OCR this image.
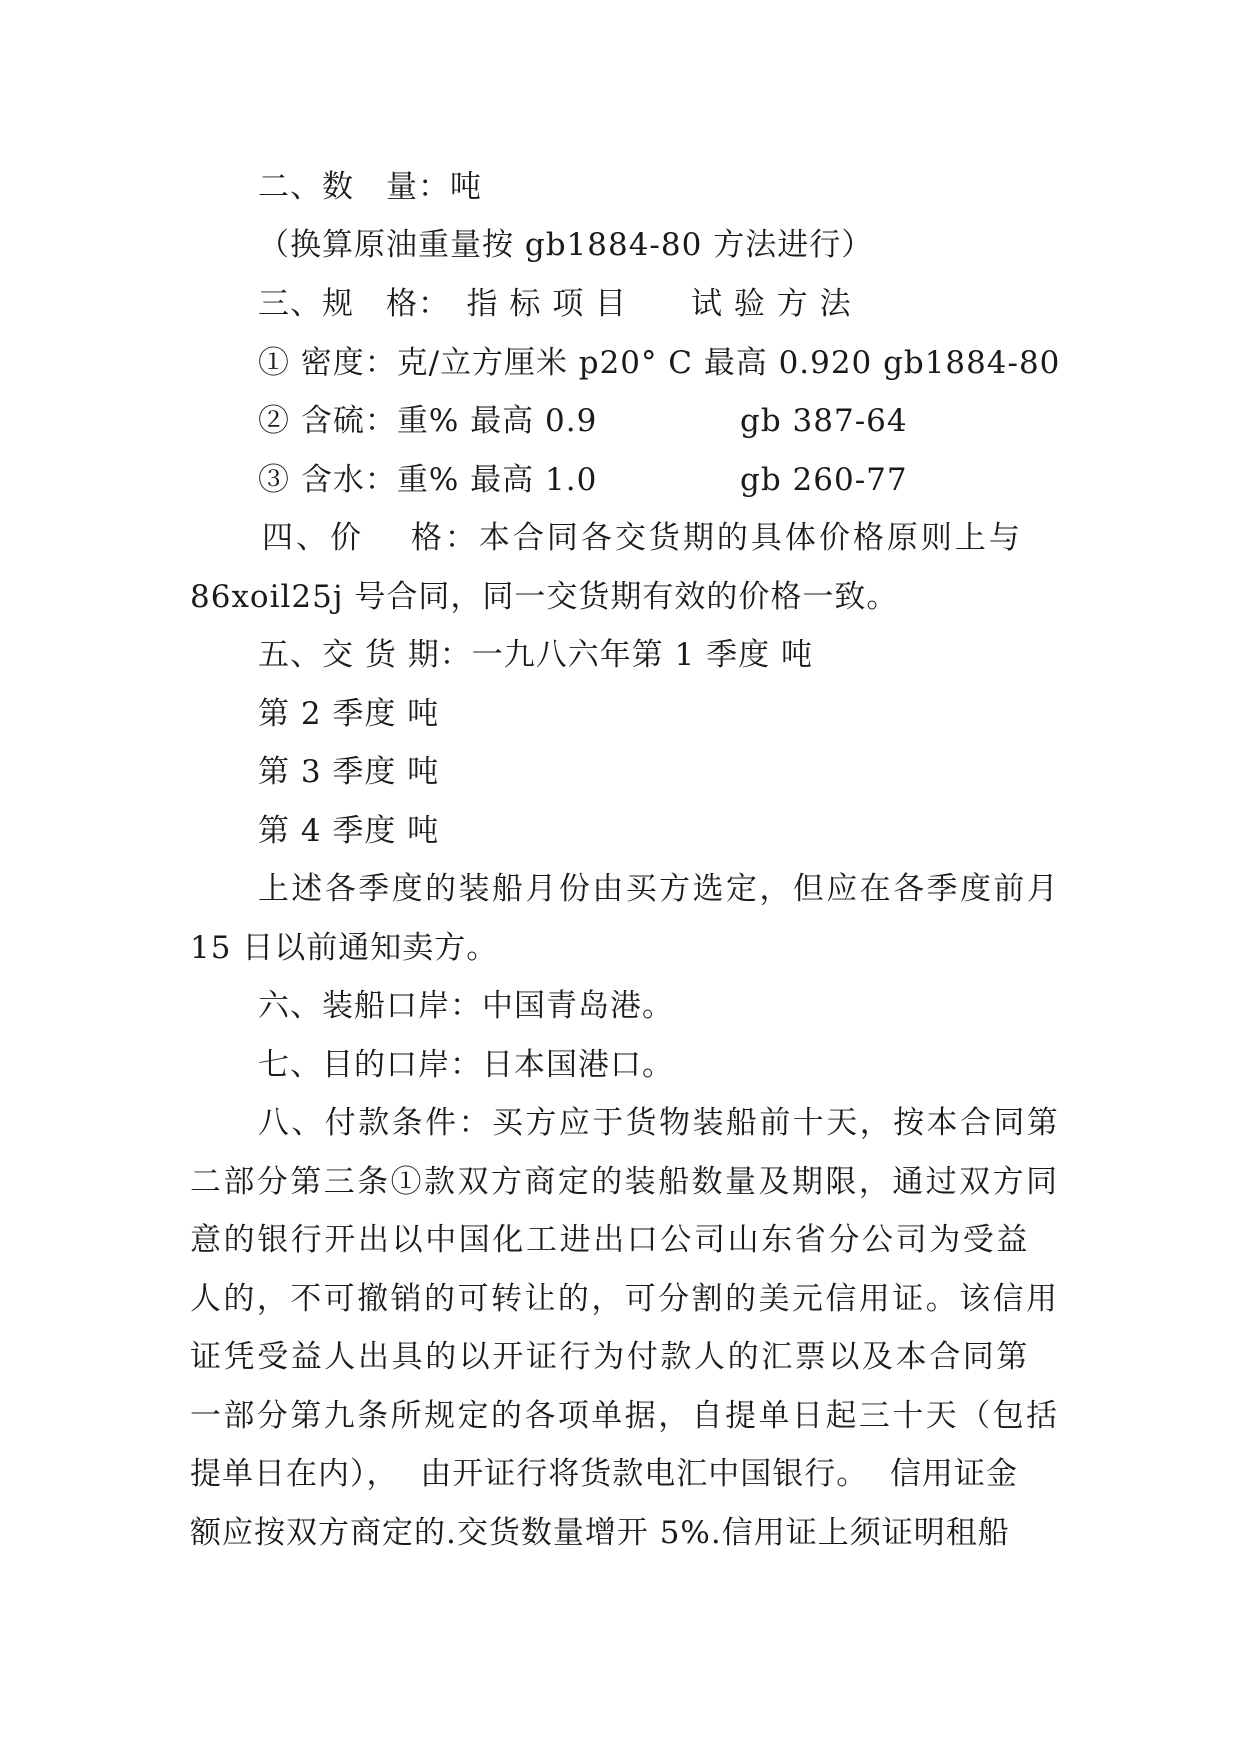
二、数　量：吨
（换算原油重量按 gb1884-80 方法进行）
三、规　格：　指 标 项 目　　试 验 方 法
① 密度：克/立方厘米 p20° C 最高 0.920 gb1884-80
② 含硫：重% 最高 0.9	gb 387-64
③ 含水：重% 最高 1.0	gb 260-77
四、价　 格：本合同各交货期的具体价格原则上与
86xoil25j 号合同，同一交货期有效的价格一致。
五、交 货 期：一九八六年第 1 季度 吨
第 2 季度 吨
第 3 季度 吨
第 4 季度 吨
上述各季度的装船月份由买方选定，但应在各季度前月
15 日以前通知卖方。
六、装船口岸：中国青岛港。
七、目的口岸：日本国港口。
八、付款条件：买方应于货物装船前十天，按本合同第
二部分第三条①款双方商定的装船数量及期限，通过双方同
意的银行开出以中国化工进出口公司山东省分公司为受益
人的，不可撤销的可转让的，可分割的美元信用证。该信用
证凭受益人出具的以开证行为付款人的汇票以及本合同第
一部分第九条所规定的各项单据，自提单日起三十天（包括
提单日在内），  由开证行将货款电汇中国银行。  信用证金
额应按双方商定的.交货数量增开 5%.信用证上须证明租船
